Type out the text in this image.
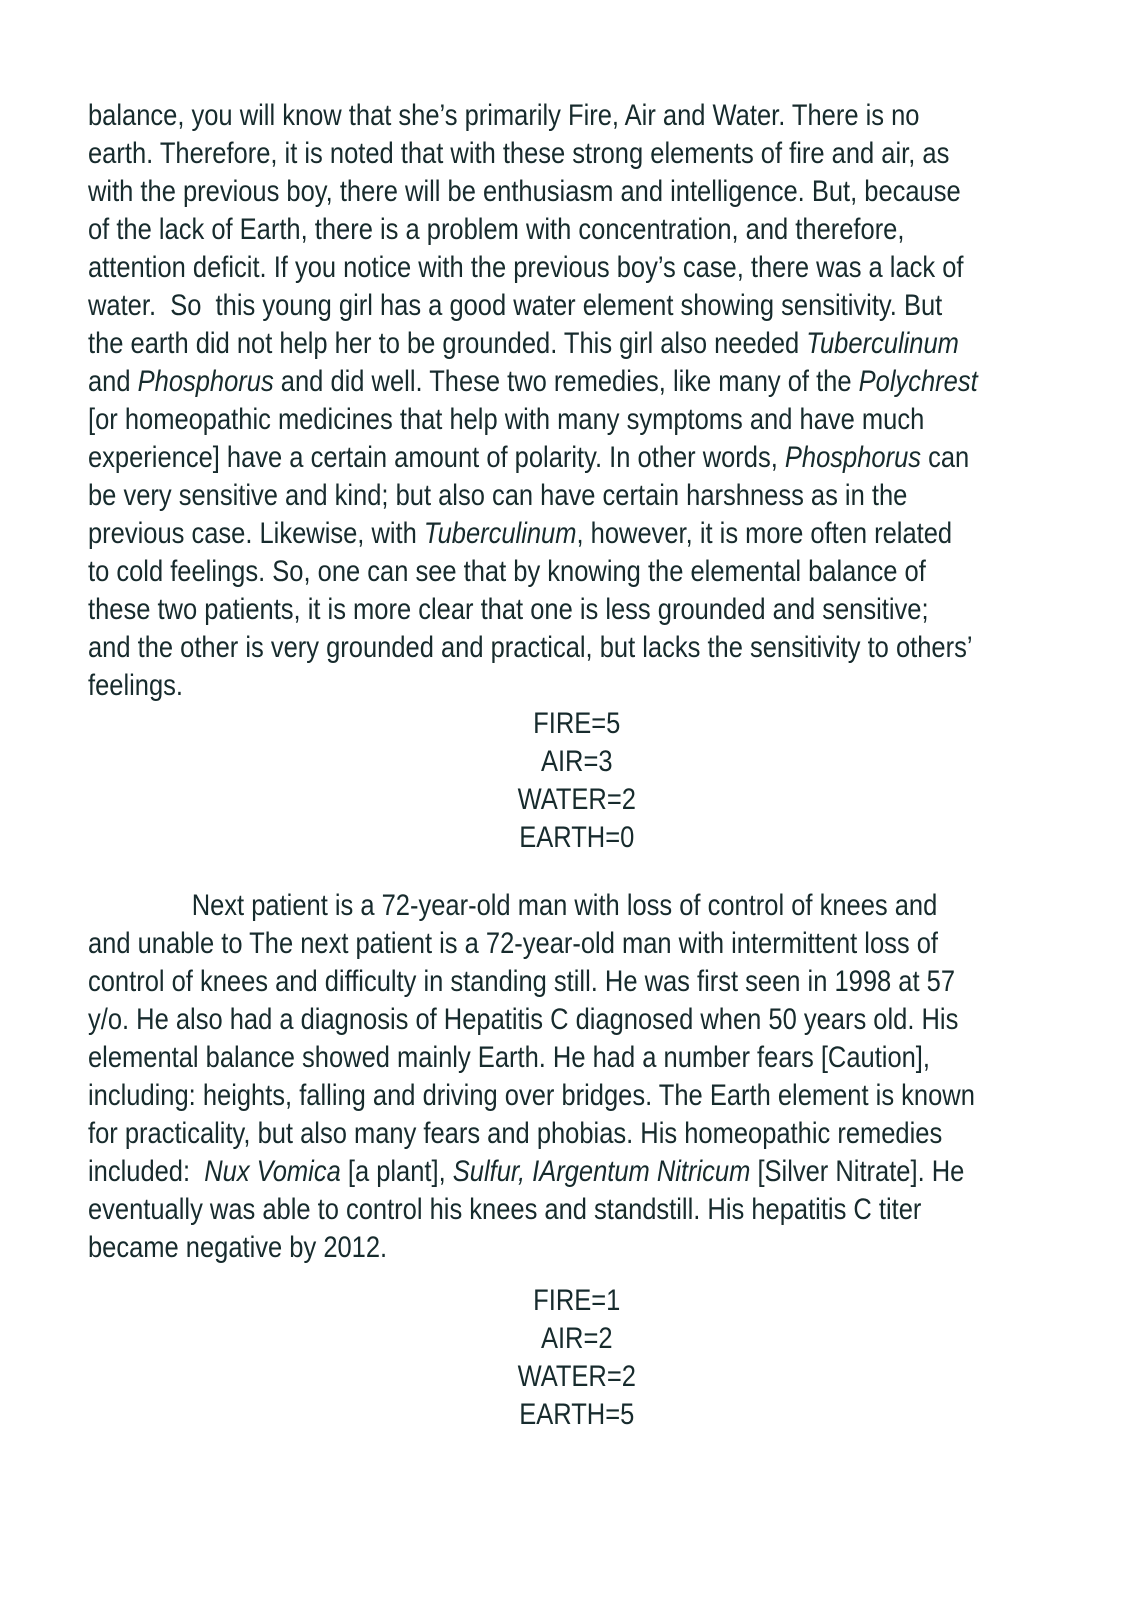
balance, you will know that she’s primarily Fire, Air and Water. There is no
earth. Therefore, it is noted that with these strong elements of fire and air, as
with the previous boy, there will be enthusiasm and intelligence. But, because
of the lack of Earth, there is a problem with concentration, and therefore,
attention deficit. If you notice with the previous boy’s case, there was a lack of
water.  So  this young girl has a good water element showing sensitivity. But
the earth did not help her to be grounded. This girl also needed Tuberculinum
and Phosphorus and did well. These two remedies, like many of the Polychrest
[or homeopathic medicines that help with many symptoms and have much
experience] have a certain amount of polarity. In other words, Phosphorus can
be very sensitive and kind; but also can have certain harshness as in the
previous case. Likewise, with Tuberculinum, however, it is more often related
to cold feelings. So, one can see that by knowing the elemental balance of
these two patients, it is more clear that one is less grounded and sensitive;
and the other is very grounded and practical, but lacks the sensitivity to others’
feelings.
FIRE=5
AIR=3
WATER=2
EARTH=0
Next patient is a 72-year-old man with loss of control of knees and
and unable to The next patient is a 72-year-old man with intermittent loss of
control of knees and difficulty in standing still. He was first seen in 1998 at 57
y/o. He also had a diagnosis of Hepatitis C diagnosed when 50 years old. His
elemental balance showed mainly Earth. He had a number fears [Caution],
including: heights, falling and driving over bridges. The Earth element is known
for practicality, but also many fears and phobias. His homeopathic remedies
included:  Nux Vomica [a plant], Sulfur, IArgentum Nitricum [Silver Nitrate]. He
eventually was able to control his knees and standstill. His hepatitis C titer
became negative by 2012.
FIRE=1
AIR=2
WATER=2
EARTH=5
